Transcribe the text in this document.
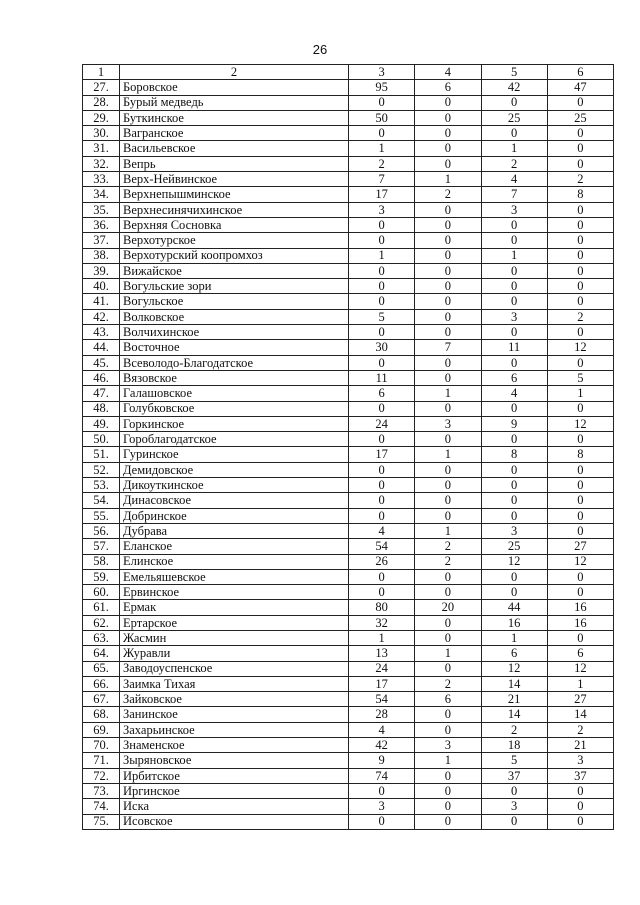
26
1	2	3	4	5	6
27.	Боровское	95	6	42	47
28.	Бурый медведь	0	0	0	0
29.	Буткинское	50	0	25	25
30.	Вагранское	0	0	0	0
31.	Васильевское	1	0	1	0
32.	Вепрь	2	0	2	0
33.	Верх-Нейвинское	7	1	4	2
34.	Верхнепышминское	17	2	7	8
35.	Верхнесинячихинское	3	0	3	0
36.	Верхняя Сосновка	0	0	0	0
37.	Верхотурское	0	0	0	0
38.	Верхотурский коопромхоз	1	0	1	0
39.	Вижайское	0	0	0	0
40.	Вогульские зори	0	0	0	0
41.	Вогульское	0	0	0	0
42.	Волковское	5	0	3	2
43.	Волчихинское	0	0	0	0
44.	Восточное	30	7	11	12
45.	Всеволодо-Благодатское	0	0	0	0
46.	Вязовское	11	0	6	5
47.	Галашовское	6	1	4	1
48.	Голубковское	0	0	0	0
49.	Горкинское	24	3	9	12
50.	Гороблагодатское	0	0	0	0
51.	Гуринское	17	1	8	8
52.	Демидовское	0	0	0	0
53.	Дикоуткинское	0	0	0	0
54.	Динасовское	0	0	0	0
55.	Добринское	0	0	0	0
56.	Дубрава	4	1	3	0
57.	Еланское	54	2	25	27
58.	Елинское	26	2	12	12
59.	Емельяшевское	0	0	0	0
60.	Ервинское	0	0	0	0
61.	Ермак	80	20	44	16
62.	Ертарское	32	0	16	16
63.	Жасмин	1	0	1	0
64.	Журавли	13	1	6	6
65.	Заводоуспенское	24	0	12	12
66.	Заимка Тихая	17	2	14	1
67.	Зайковское	54	6	21	27
68.	Занинское	28	0	14	14
69.	Захарьинское	4	0	2	2
70.	Знаменское	42	3	18	21
71.	Зыряновское	9	1	5	3
72.	Ирбитское	74	0	37	37
73.	Иргинское	0	0	0	0
74.	Иска	3	0	3	0
75.	Исовское	0	0	0	0
